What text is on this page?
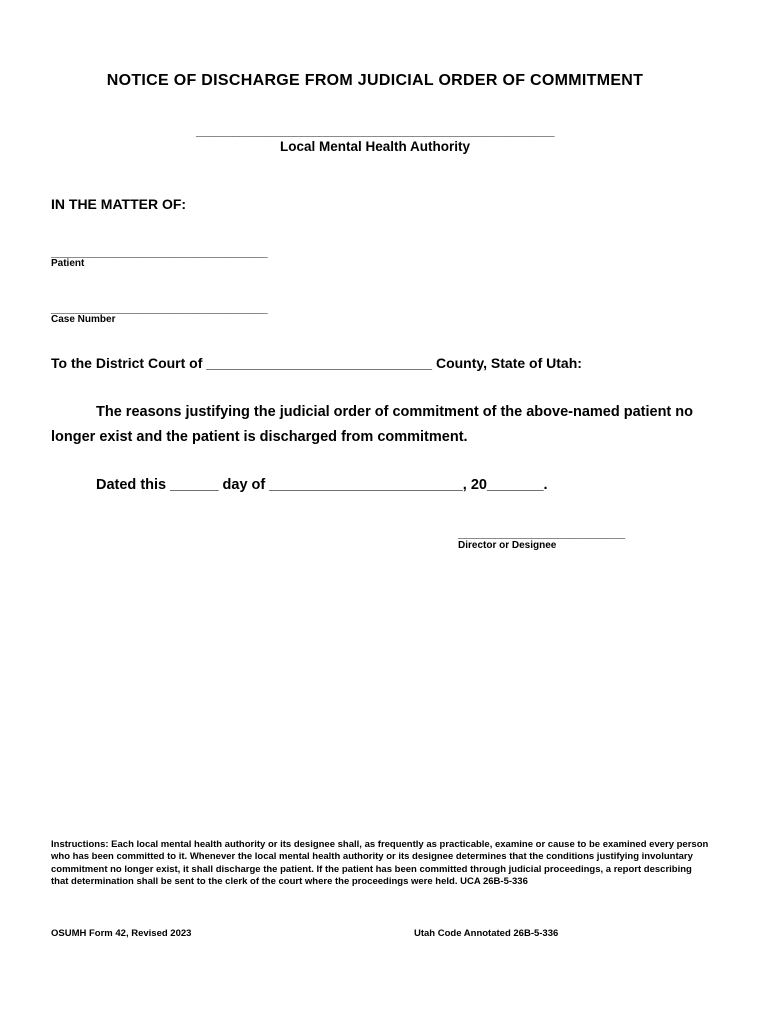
NOTICE OF DISCHARGE FROM JUDICIAL ORDER OF COMMITMENT
__________________________________________________________
Local Mental Health Authority
IN THE MATTER OF:
___________________________________
Patient
___________________________________
Case Number
To the District Court of _____________________________ County, State of Utah:
The reasons justifying the judicial order of commitment of the above-named patient no longer exist and the patient is discharged from commitment.
Dated this ______ day of ________________________, 20_______.
___________________________
Director or Designee
Instructions: Each local mental health authority or its designee shall, as frequently as practicable, examine or cause to be examined every person who has been committed to it. Whenever the local mental health authority or its designee determines that the conditions justifying involuntary commitment no longer exist, it shall discharge the patient. If the patient has been committed through judicial proceedings, a report describing that determination shall be sent to the clerk of the court where the proceedings were held. UCA 26B-5-336
OSUMH Form 42, Revised 2023	Utah Code Annotated 26B-5-336
